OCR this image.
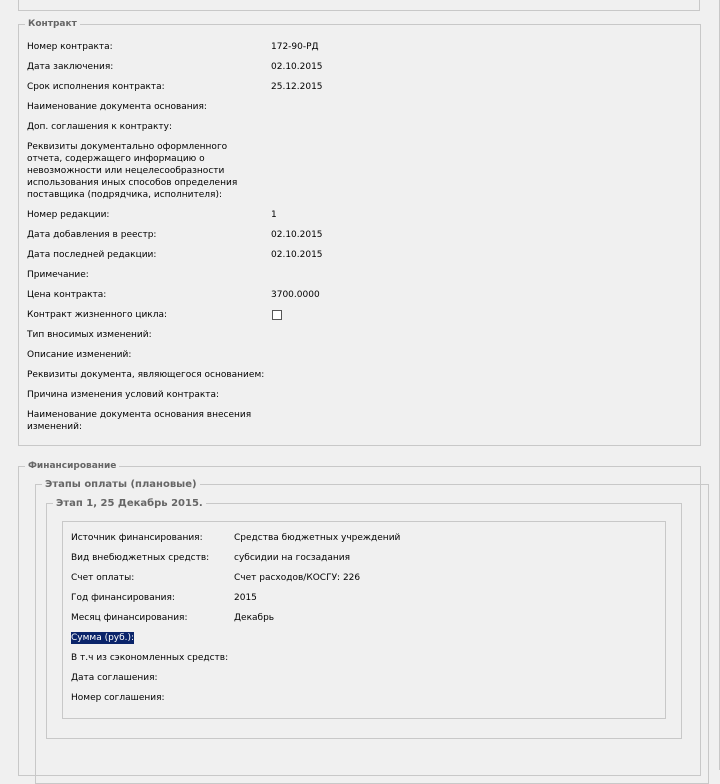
Контракт
Номер контракта:	172-90-РД
Дата заключения:	02.10.2015
Срок исполнения контракта:	25.12.2015
Наименование документа основания:
Доп. соглашения к контракту:
Реквизиты документально оформленного
отчета, содержащего информацию о
невозможности или нецелесообразности
использования иных способов определения
поставщика (подрядчика, исполнителя):
Номер редакции:	1
Дата добавления в реестр:	02.10.2015
Дата последней редакции:	02.10.2015
Примечание:
Цена контракта:	3700.0000
Контракт жизненного цикла:
Тип вносимых изменений:
Описание изменений:
Реквизиты документа, являющегося основанием:
Причина изменения условий контракта:
Наименование документа основания внесения
изменений:
Финансирование
Этапы оплаты (плановые)
Этап 1, 25 Декабрь 2015.
Источник финансирования:	Средства бюджетных учреждений
Вид внебюджетных средств:	субсидии на госзадания
Счет оплаты:	Счет расходов/КОСГУ: 226
Год финансирования:	2015
Месяц финансирования:	Декабрь
Сумма (руб.):
В т.ч из сэкономленных средств:
Дата соглашения:
Номер соглашения:
